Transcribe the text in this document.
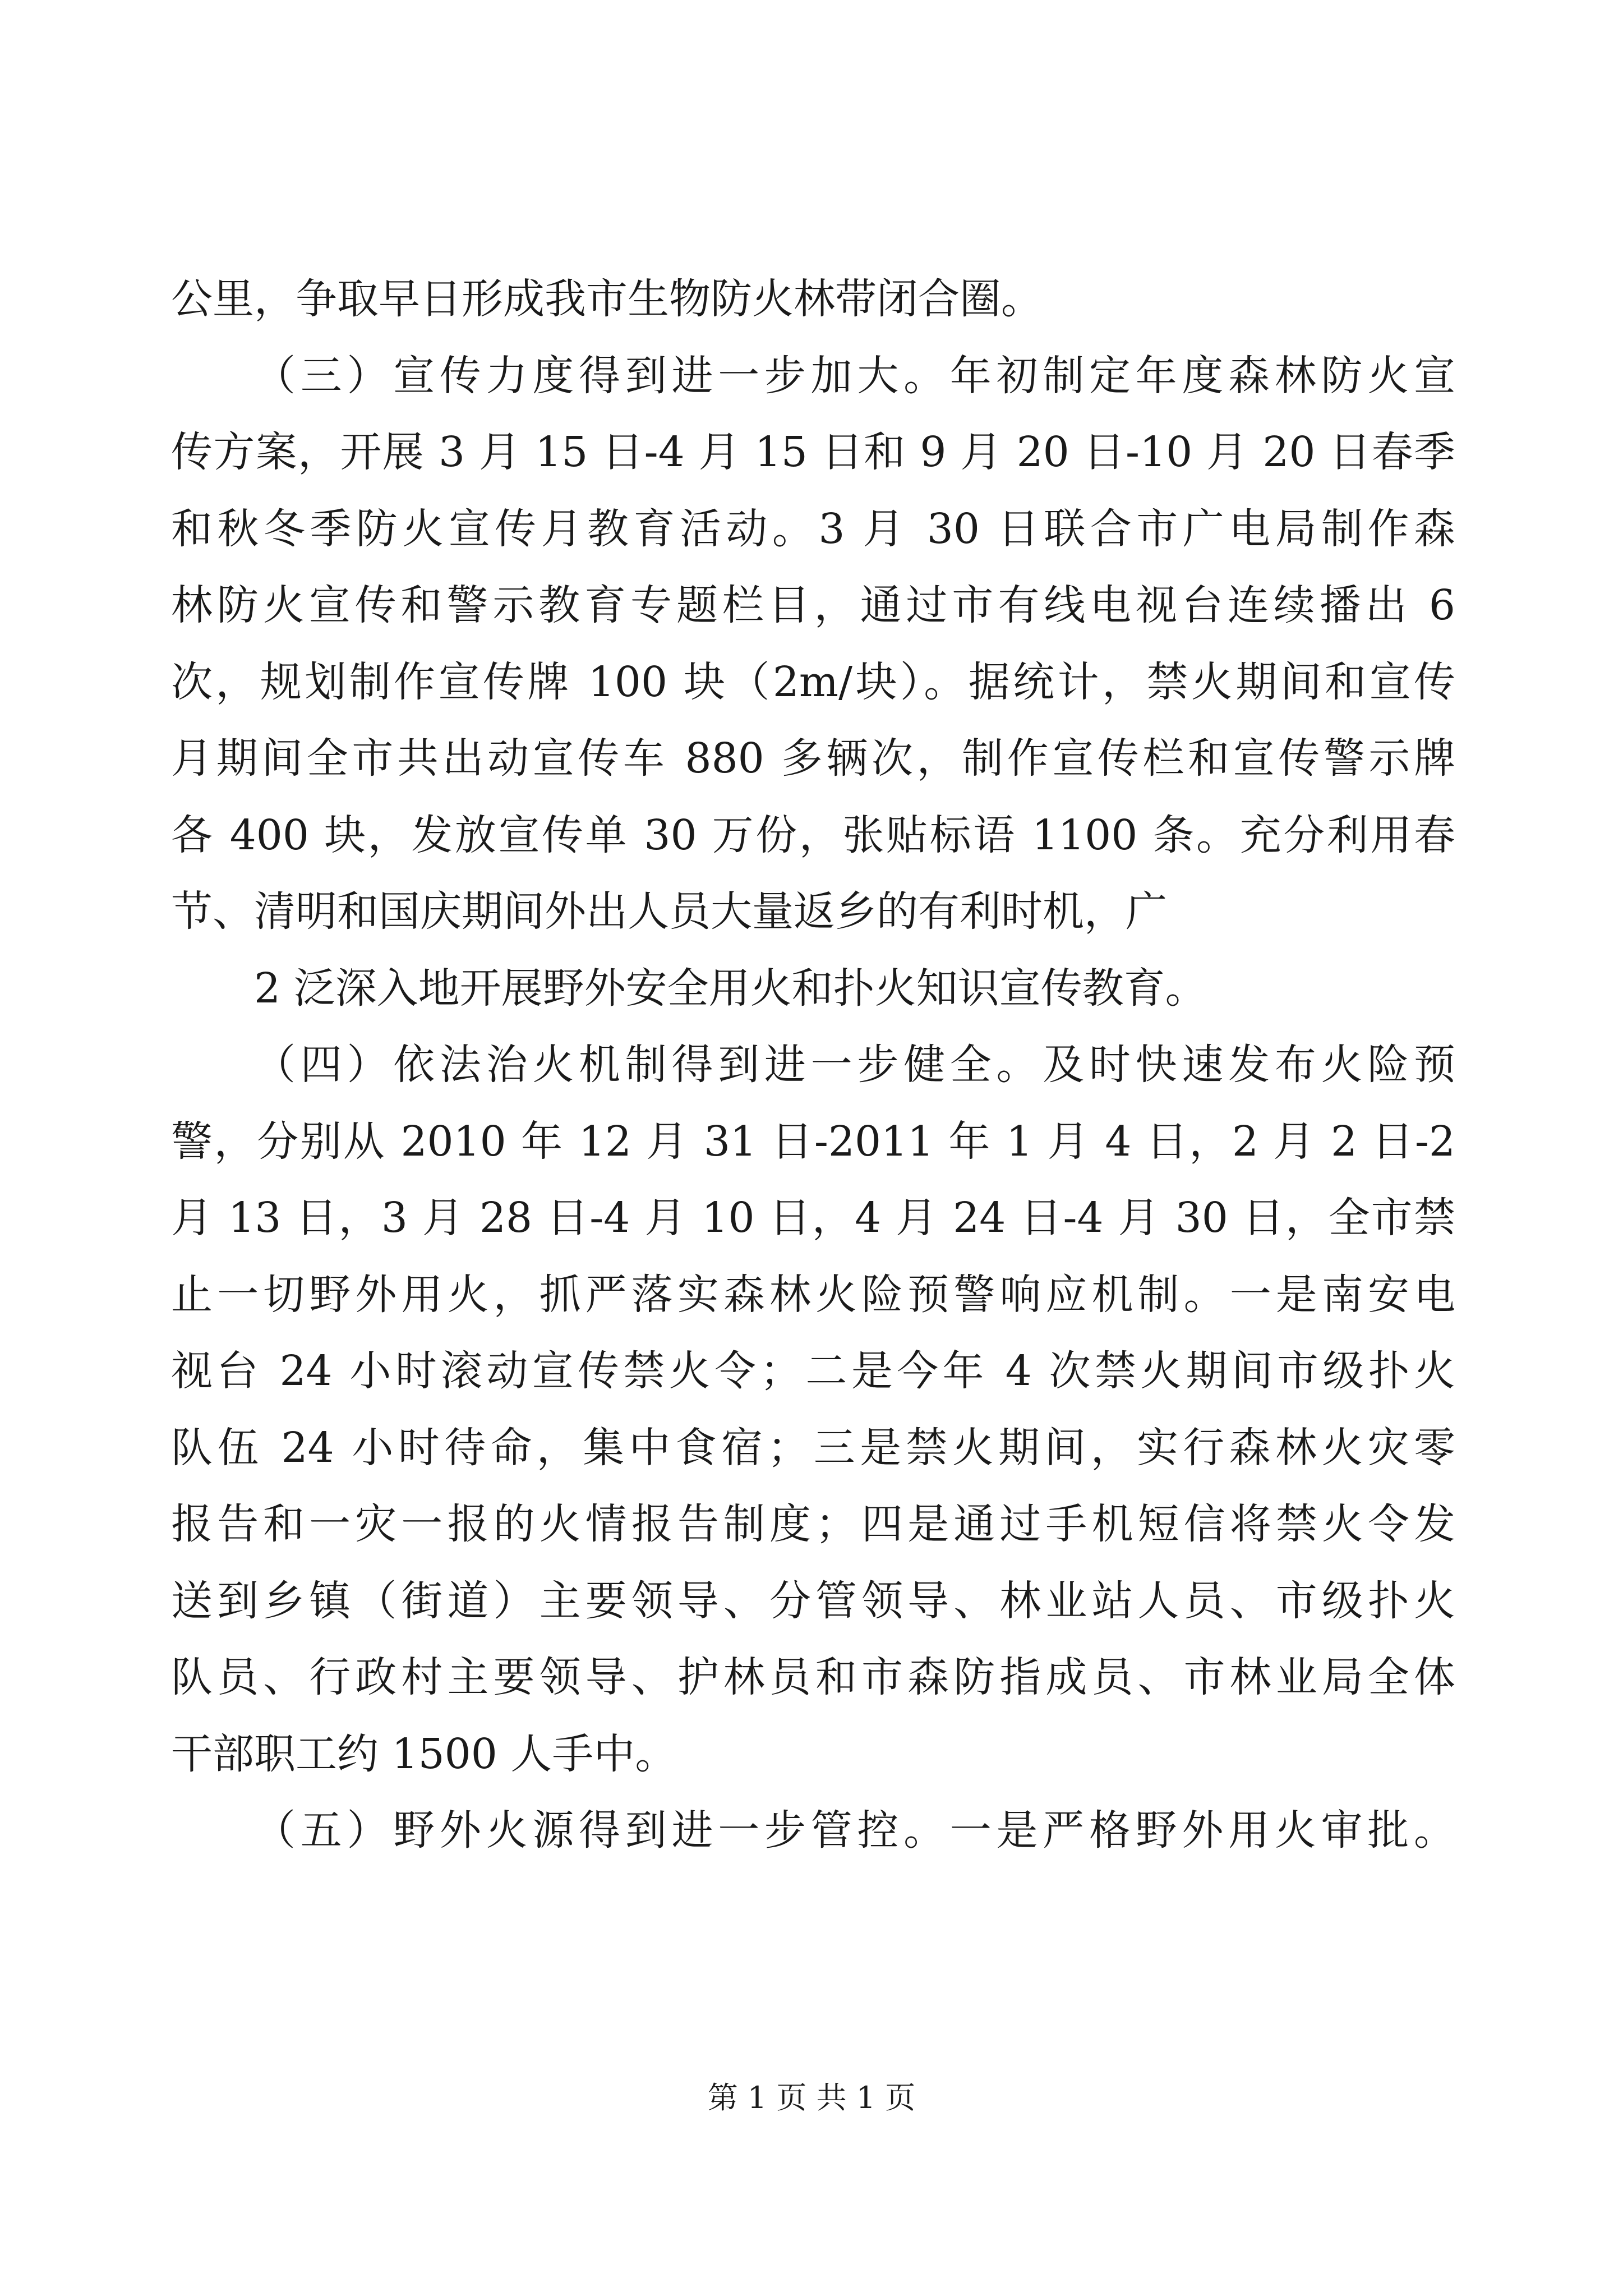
公里，争取早日形成我市生物防火林带闭合圈。
（三）宣传力度得到进一步加大。年初制定年度森林防火宣
传方案，开展 3 月 15 日-4 月 15 日和 9 月 20 日-10 月 20 日春季
和秋冬季防火宣传月教育活动。3 月 30 日联合市广电局制作森
林防火宣传和警示教育专题栏目，通过市有线电视台连续播出 6
次，规划制作宣传牌 100 块（2m/块）。据统计，禁火期间和宣传
月期间全市共出动宣传车 880 多辆次，制作宣传栏和宣传警示牌
各 400 块，发放宣传单 30 万份，张贴标语 1100 条。充分利用春
节、清明和国庆期间外出人员大量返乡的有利时机，广
2 泛深入地开展野外安全用火和扑火知识宣传教育。
（四）依法治火机制得到进一步健全。及时快速发布火险预
警，分别从 2010 年 12 月 31 日-2011 年 1 月 4 日，2 月 2 日-2
月 13 日，3 月 28 日-4 月 10 日，4 月 24 日-4 月 30 日，全市禁
止一切野外用火，抓严落实森林火险预警响应机制。一是南安电
视台 24 小时滚动宣传禁火令；二是今年 4 次禁火期间市级扑火
队伍 24 小时待命，集中食宿；三是禁火期间，实行森林火灾零
报告和一灾一报的火情报告制度；四是通过手机短信将禁火令发
送到乡镇（街道）主要领导、分管领导、林业站人员、市级扑火
队员、行政村主要领导、护林员和市森防指成员、市林业局全体
干部职工约 1500 人手中。
（五）野外火源得到进一步管控。一是严格野外用火审批。
第 1 页 共 1 页
